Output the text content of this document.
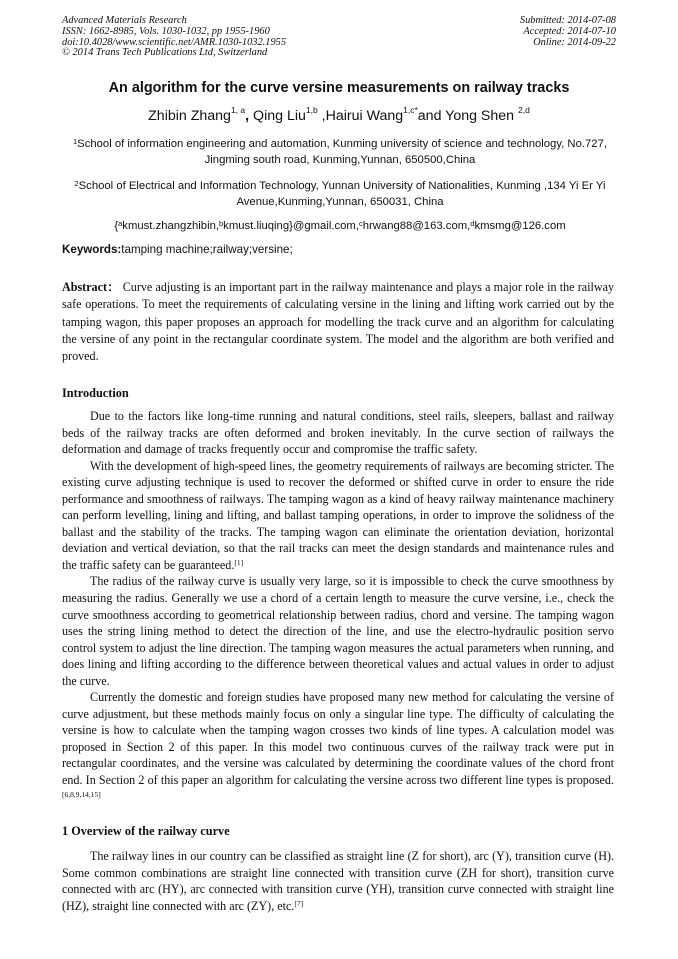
Advanced Materials Research
ISSN: 1662-8985, Vols. 1030-1032, pp 1955-1960
doi:10.4028/www.scientific.net/AMR.1030-1032.1955
© 2014 Trans Tech Publications Ltd, Switzerland
Submitted: 2014-07-08
Accepted: 2014-07-10
Online: 2014-09-22
An algorithm for the curve versine measurements on railway tracks
Zhibin Zhang$^{1, a}$, Qing Liu$^{1,b}$ ,Hairui Wang$^{1,c*}$and Yong Shen $^{2,d}$
$^1$School of information engineering and automation, Kunming university of science and technology, No.727, Jingming south road, Kunming,Yunnan, 650500,China
$^2$School of Electrical and Information Technology, Yunnan University of Nationalities, Kunming ,134 Yi Er Yi Avenue,Kunming,Yunnan, 650031, China
{$^a$kmust.zhangzhibin,$^b$kmust.liuqing}@gmail.com,$^c$hrwang88@163.com,$^d$kmsmg@126.com
Keywords:tamping machine;railway;versine;
Abstract： Curve adjusting is an important part in the railway maintenance and plays a major role in the railway safe operations. To meet the requirements of calculating versine in the lining and lifting work carried out by the tamping wagon, this paper proposes an approach for modelling the track curve and an algorithm for calculating the versine of any point in the rectangular coordinate system. The model and the algorithm are both verified and proved.
Introduction

Due to the factors like long-time running and natural conditions, steel rails, sleepers, ballast and railway beds of the railway tracks are often deformed and broken inevitably. In the curve section of railways the deformation and damage of tracks frequently occur and compromise the traffic safety.

With the development of high-speed lines, the geometry requirements of railways are becoming stricter. The existing curve adjusting technique is used to recover the deformed or shifted curve in order to ensure the ride performance and smoothness of railways. The tamping wagon as a kind of heavy railway maintenance machinery can perform levelling, lining and lifting, and ballast tamping operations, in order to improve the solidness of the ballast and the stability of the tracks. The tamping wagon can eliminate the orientation deviation, horizontal deviation and vertical deviation, so that the rail tracks can meet the design standards and maintenance rules and the traffic safety can be guaranteed.[1]

The radius of the railway curve is usually very large, so it is impossible to check the curve smoothness by measuring the radius. Generally we use a chord of a certain length to measure the curve versine, i.e., check the curve smoothness according to geometrical relationship between radius, chord and versine. The tamping wagon uses the string lining method to detect the direction of the line, and use the electro-hydraulic position servo control system to adjust the line direction. The tamping wagon measures the actual parameters when running, and does lining and lifting according to the difference between theoretical values and actual values in order to adjust the curve.

Currently the domestic and foreign studies have proposed many new method for calculating the versine of curve adjustment, but these methods mainly focus on only a singular line type. The difficulty of calculating the versine is how to calculate when the tamping wagon crosses two kinds of line types. A calculation model was proposed in Section 2 of this paper. In this model two continuous curves of the railway track were put in rectangular coordinates, and the versine was calculated by determining the coordinate values of the chord front end. In Section 2 of this paper an algorithm for calculating the versine across two different line types is proposed.[6,8,9,14,15]

1 Overview of the railway curve

The railway lines in our country can be classified as straight line (Z for short), arc (Y), transition curve (H). Some common combinations are straight line connected with transition curve (ZH for short), transition curve connected with arc (HY), arc connected with transition curve (YH), transition curve connected with straight line (HZ), straight line connected with arc (ZY), etc.[7]
